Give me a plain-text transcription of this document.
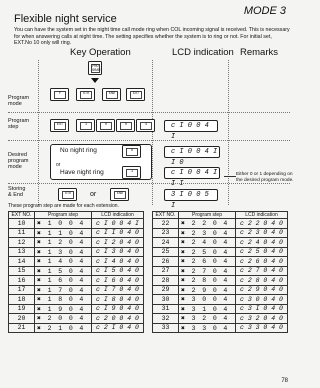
MODE 3
Flexible night service
You can have the system set in the night time call mode ring when COL incoming signal is received. This is necessary for when answering calls at night time. The setting specifies whether the system is to ring or not. For initial set, EXT.No 10 only will ring.
Key Operation	LCD indication Remarks
Program
mode
Program
step
Desired
program
mode
Storing
& End
PRO GRAM
F	STO	END	EXT
EXT	1	0	0	4	c I 0 0 4 I
No night ring	0
or
Have night ring	1
c I 0 0 4 I I 0
c I 0 0 4 I I I
Either 0 or 1 depending on the desired program mode.
STO	or	END	3 I 0 0 5 I
These program step are made for each extension.
EXT NO.	Program step	LCD indication
10	✖ 1 0 0 4	c I 0 0 4 I
11	✖ 1 1 0 4	c I I 0 4 0
12	✖ 1 2 0 4	c I 2 0 4 0
13	✖ 1 3 0 4	c I 3 0 4 0
14	✖ 1 4 0 4	c I 4 0 4 0
15	✖ 1 5 0 4	c I 5 0 4 0
16	✖ 1 6 0 4	c I 6 0 4 0
17	✖ 1 7 0 4	c I 7 0 4 0
18	✖ 1 8 0 4	c I 8 0 4 0
19	✖ 1 9 0 4	c I 9 0 4 0
20	✖ 2 0 0 4	c 2 0 0 4 0
21	✖ 2 1 0 4	c 2 I 0 4 0
EXT NO.	Program step	LCD indication
22	✖ 2 2 0 4	c 2 2 0 4 0
23	✖ 2 3 0 4	c 2 3 0 4 0
24	✖ 2 4 0 4	c 2 4 0 4 0
25	✖ 2 5 0 4	c 2 5 0 4 0
26	✖ 2 6 0 4	c 2 6 0 4 0
27	✖ 2 7 0 4	c 2 7 0 4 0
28	✖ 2 8 0 4	c 2 8 0 4 0
29	✖ 2 9 0 4	c 2 9 0 4 0
30	✖ 3 0 0 4	c 3 0 0 4 0
31	✖ 3 1 0 4	c 3 I 0 4 0
32	✖ 3 2 0 4	c 3 2 0 4 0
33	✖ 3 3 0 4	c 3 3 0 4 0
78
